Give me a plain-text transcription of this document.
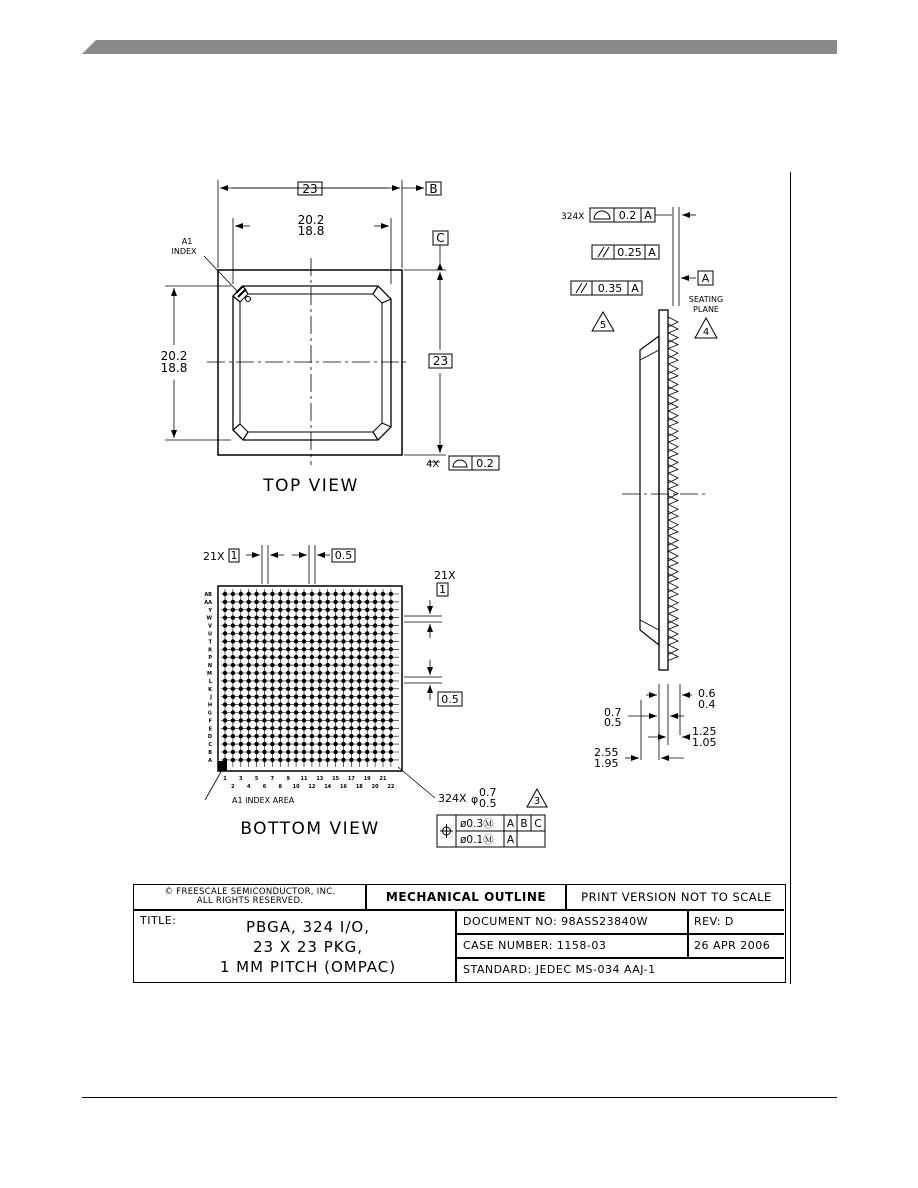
23	B
20.2
18.8	C
23
20.2
18.8
A1
INDEX
4X	0.2
TOP VIEW
324X	0.2 A
0.25 A
0.35 A
5
A
SEATING
PLANE
4
0.6
0.4
0.7
0.5
1.25
1.05
2.55
1.95
AB
AA
Y
W
V
U
T
R
P
N
M
L
K
J
H
G
F
E
D
C
B
A
1 3 5 7 9 11 13 15 17 19 21
2 4 6 8 10 12 14 16 18 20 22
21X 1	0.5
21X
1
0.5
A1 INDEX AREA	324X φ
0.7
0.5	3
ø0.3Ⓜ A B C
ø0.1Ⓜ A
BOTTOM VIEW
© FREESCALE SEMICONDUCTOR, INC.
ALL RIGHTS RESERVED.	MECHANICAL OUTLINE	PRINT VERSION NOT TO SCALE
TITLE:	PBGA, 324 I/O,
23 X 23 PKG,
1 MM PITCH (OMPAC)
DOCUMENT NO: 98ASS23840W	REV: D
CASE NUMBER: 1158-03	26 APR 2006
STANDARD: JEDEC MS-034 AAJ-1
